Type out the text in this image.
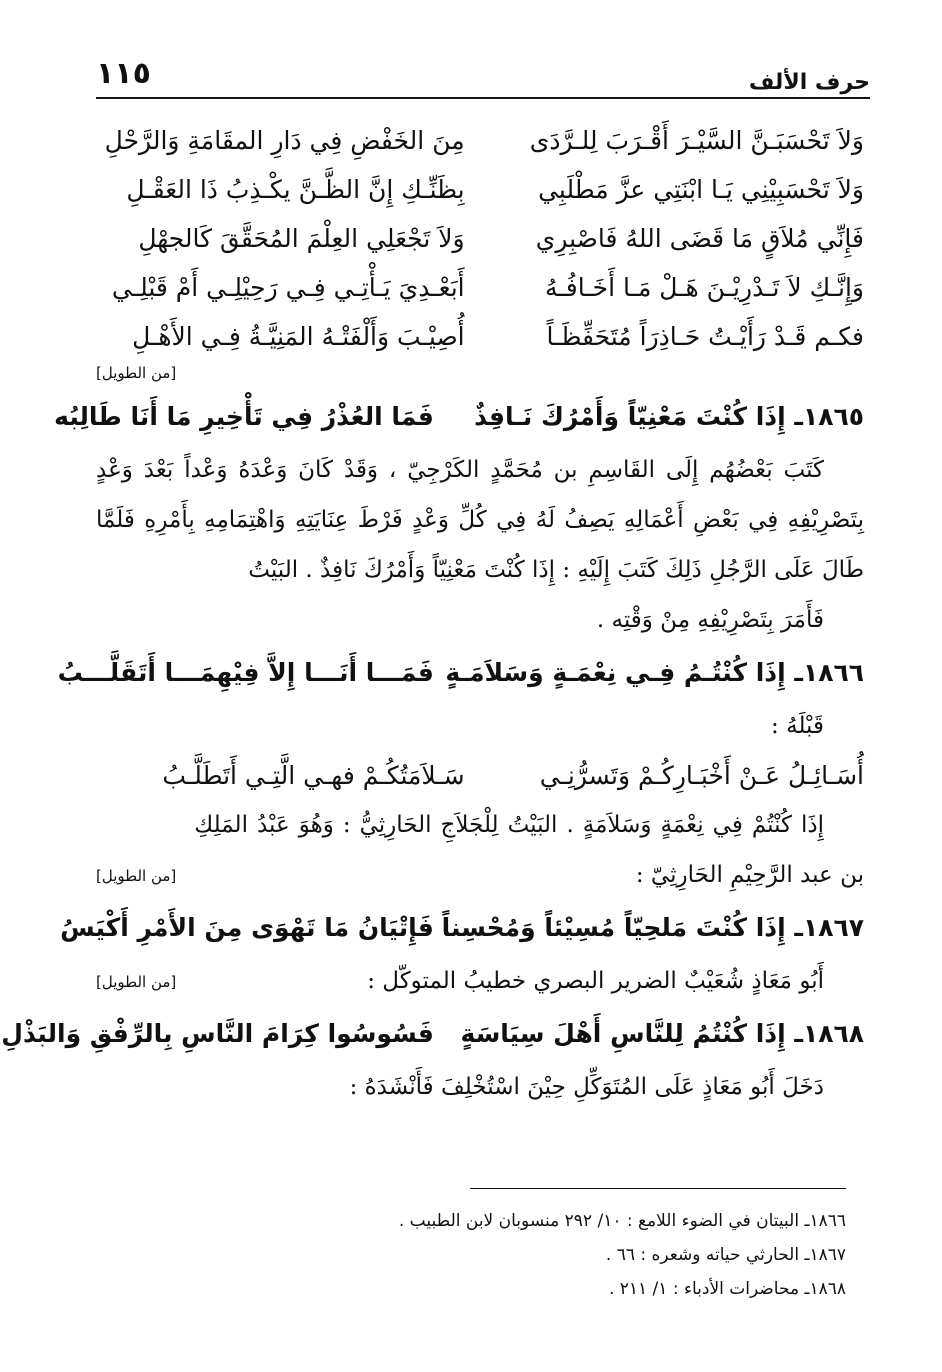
حرف الألف
١١٥
وَلاَ تَحْسَبَـنَّ السَّيْـرَ أَقْـرَبَ لِلـرَّدَى
مِنَ الخَفْضِ فِي دَارِ المقَامَةِ وَالرَّحْلِ
وَلاَ تَحْسَبِيْنِي يَـا ابْنَتِي عزَّ مَطْلَبِي
بِظَنِّـكِ إِنَّ الظَّـنَّ يكْـذِبُ ذَا العَقْـلِ
فَإِنِّي مُلاَقٍ مَا قَضَى اللهُ فَاصْبِرِي
وَلاَ تَجْعَلِي العِلْمَ المُحَقَّقَ كَالجهْلِ
وَإِنَّـكِ لاَ تَـدْرِيْـنَ هَـلْ مَـا أَخَـافُـهُ
أَبَعْـدِيَ يَـأْتِـي فِـي رَحِيْلِـي أَمْ قَبْلِـي
فكـم قَـدْ رَأَيْـتُ حَـاذِرَاً مُتَحَفِّظَـاً
أُصِيْـبَ وَأَلْفَتْـهُ المَنِيَّـةُ فِـي الأَهْـلِ
[من الطويل]
١٨٦٥ـ إِذَا كُنْتَ مَعْنِيّاً وَأَمْرُكَ نَـافِذٌ
فَمَا العُذْرُ فِي تَأْخِيرِ مَا أَنَا طَالِبُه
كَتَبَ بَعْضُهُم إِلَى القَاسِمِ بن مُحَمَّدٍ الكَرْجِيّ ، وَقَدْ كَانَ وَعْدَهُ وَعْداً بَعْدَ وَعْدٍ بِتَصْرِيْفِهِ فِي بَعْضِ أَعْمَالِهِ يَصِفُ لَهُ فِي كُلِّ وَعْدٍ فَرْطَ عِنَايَتِهِ وَاهْتِمَامِهِ بِأَمْرِهِ فَلَمَّا طَالَ عَلَى الرَّجُلِ ذَلِكَ كَتَبَ إِلَيْهِ : إِذَا كُنْتَ مَعْنِيّاً وَأَمْرُكَ نَافِذٌ . البَيْتُ
فَأَمَرَ بِتَصْرِيْفِهِ مِنْ وَقْتِه .
١٨٦٦ـ إِذَا كُنْتُـمُ فِـي نِعْمَـةٍ وَسَلاَمَـةٍ
فَمَـــا أَنَـــا إِلاَّ فِيْهِمَـــا أَتَقَلَّـــبُ
قَبْلَهُ :
أُسَـائِـلُ عَـنْ أَخْبَـارِكُـمْ وَتَسرُّنِـي
سَـلاَمَتُكُـمْ فهـي الَّتِـي أَتَطَلَّـبُ
إِذَا كُنْتُمْ فِي نِعْمَةٍ وَسَلاَمَةٍ . البَيْتُ لِلْجَلاَجِ الحَارِثِيُّ : وَهُوَ عَبْدُ المَلِكِ بن عبد الرَّحِيْمِ الحَارِثِيّ :
[من الطويل]
١٨٦٧ـ إِذَا كُنْتَ مَلحِيّاً مُسِيْئاً وَمُحْسِناً
فَإِتْيَانُ مَا تَهْوَى مِنَ الأَمْرِ أَكْيَسُ
أَبُو مَعَاذٍ شُعَيْبٌ الضرير البصري خطيبُ المتوكّل :
[من الطويل]
١٨٦٨ـ إِذَا كُنْتُمُ لِلنَّاسِ أَهْلَ سِيَاسَةٍ
فَسُوسُوا كِرَامَ النَّاسِ بِالرِّفْقِ وَالبَذْلِ
دَخَلَ أَبُو مَعَاذٍ عَلَى المُتَوَكِّلِ حِيْنَ اسْتُخْلِفَ فَأَنْشَدَهُ :
١٨٦٦ـ البيتان في الضوء اللامع : ١٠/ ٢٩٢ منسوبان لابن الطبيب .
١٨٦٧ـ الحارثي حياته وشعره : ٦٦ .
١٨٦٨ـ محاضرات الأدباء : ١/ ٢١١ .
